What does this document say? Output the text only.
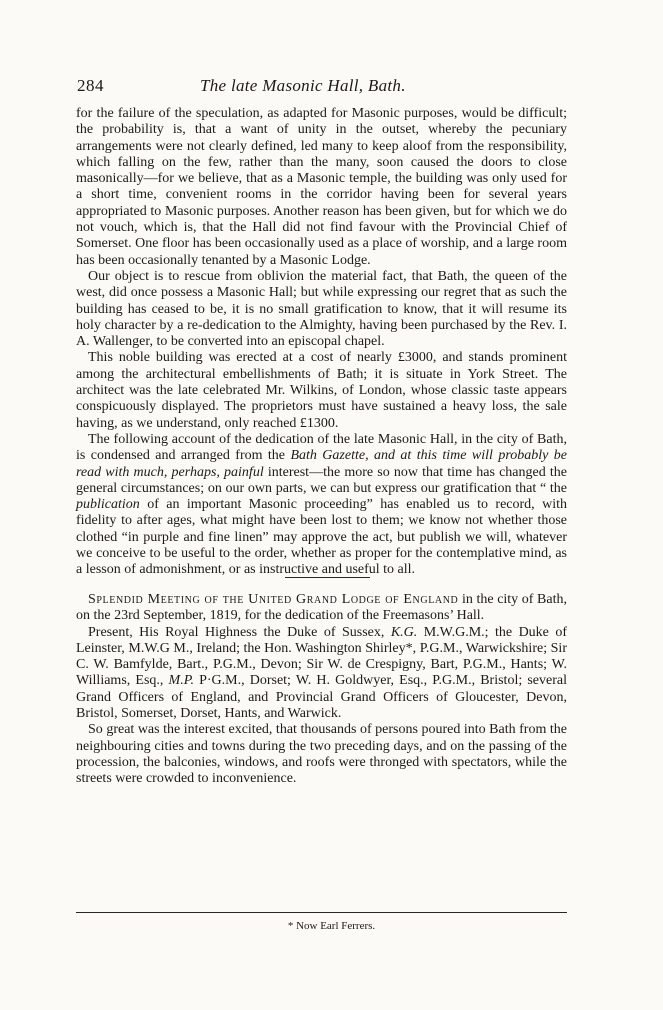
284	The late Masonic Hall, Bath.

for the failure of the speculation, as adapted for Masonic purposes, would be difficult; the probability is, that a want of unity in the outset, whereby the pecuniary arrangements were not clearly defined, led many to keep aloof from the responsibility, which falling on the few, rather than the many, soon caused the doors to close masonically—for we believe, that as a Masonic temple, the building was only used for a short time, convenient rooms in the corridor having been for several years appropriated to Masonic purposes. Another reason has been given, but for which we do not vouch, which is, that the Hall did not find favour with the Provincial Chief of Somerset. One floor has been occasionally used as a place of worship, and a large room has been occasionally tenanted by a Masonic Lodge.

Our object is to rescue from oblivion the material fact, that Bath, the queen of the west, did once possess a Masonic Hall; but while expressing our regret that as such the building has ceased to be, it is no small gratification to know, that it will resume its holy character by a re-dedication to the Almighty, having been purchased by the Rev. I. A. Wallenger, to be converted into an episcopal chapel.

This noble building was erected at a cost of nearly £3000, and stands prominent among the architectural embellishments of Bath; it is situate in York Street. The architect was the late celebrated Mr. Wilkins, of London, whose classic taste appears conspicuously displayed. The proprietors must have sustained a heavy loss, the sale having, as we understand, only reached £1300.

The following account of the dedication of the late Masonic Hall, in the city of Bath, is condensed and arranged from the Bath Gazette, and at this time will probably be read with much, perhaps, painful interest—the more so now that time has changed the general circumstances; on our own parts, we can but express our gratification that “ the publication of an important Masonic proceeding” has enabled us to record, with fidelity to after ages, what might have been lost to them; we know not whether those clothed “in purple and fine linen” may approve the act, but publish we will, whatever we conceive to be useful to the order, whether as proper for the contemplative mind, as a lesson of admonishment, or as instructive and useful to all.

Splendid Meeting of the United Grand Lodge of England in the city of Bath, on the 23rd September, 1819, for the dedication of the Freemasons’ Hall.

Present, His Royal Highness the Duke of Sussex, K.G. M.W.G.M.; the Duke of Leinster, M.W.G M., Ireland; the Hon. Washington Shirley*, P.G.M., Warwickshire; Sir C. W. Bamfylde, Bart., P.G.M., Devon; Sir W. de Crespigny, Bart, P.G.M., Hants; W. Williams, Esq., M.P. P·G.M., Dorset; W. H. Goldwyer, Esq., P.G.M., Bristol; several Grand Officers of England, and Provincial Grand Officers of Gloucester, Devon, Bristol, Somerset, Dorset, Hants, and Warwick.

So great was the interest excited, that thousands of persons poured into Bath from the neighbouring cities and towns during the two preceding days, and on the passing of the procession, the balconies, windows, and roofs were thronged with spectators, while the streets were crowded to inconvenience.

* Now Earl Ferrers.
